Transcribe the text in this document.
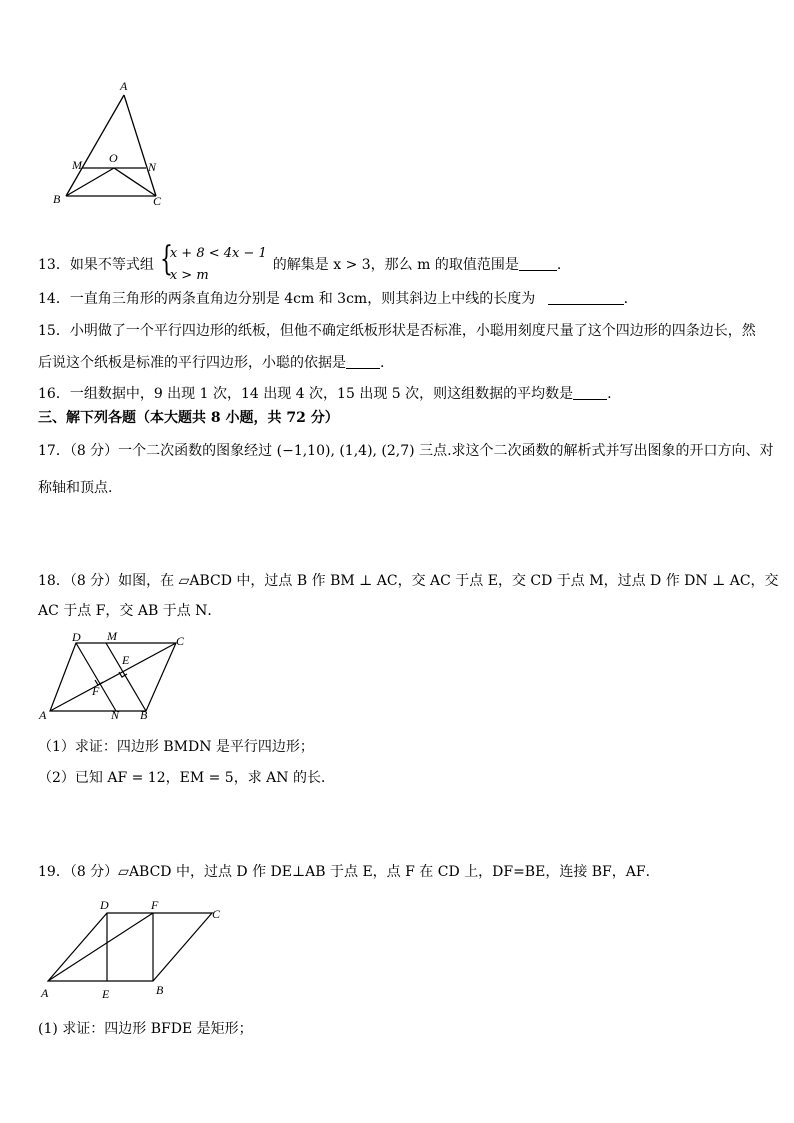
A
M O
N
B	C
13．如果不等式组 {
x + 8 < 4x − 1
x > m
的解集是 x > 3，那么 m 的取值范围是	.
14．一直角三角形的两条直角边分别是 4cm 和 3cm，则其斜边上中线的长度为	.
15．小明做了一个平行四边形的纸板，但他不确定纸板形状是否标准，小聪用刻度尺量了这个四边形的四条边长，然
后说这个纸板是标准的平行四边形，小聪的依据是 .
16．一组数据中，9 出现 1 次，14 出现 4 次，15 出现 5 次，则这组数据的平均数是 .
三、解下列各题（本大题共 8 小题，共 72 分）
17．（8 分）一个二次函数的图象经过 (−1,10), (1,4), (2,7) 三点.求这个二次函数的解析式并写出图象的开口方向、对
称轴和顶点.
18．（8 分）如图，在 ▱ABCD 中，过点 B 作 BM ⊥ AC，交 AC 于点 E，交 CD 于点 M，过点 D 作 DN ⊥ AC，交
AC 于点 F，交 AB 于点 N．
D M	C
E
F
A	N B
（1）求证：四边形 BMDN 是平行四边形；
（2）已知 AF = 12，EM = 5，求 AN 的长．
19．（8 分）▱ABCD 中，过点 D 作 DE⊥AB 于点 E，点 F 在 CD 上，DF=BE，连接 BF，AF．
D	F
C
A	E	B
(1) 求证：四边形 BFDE 是矩形；
